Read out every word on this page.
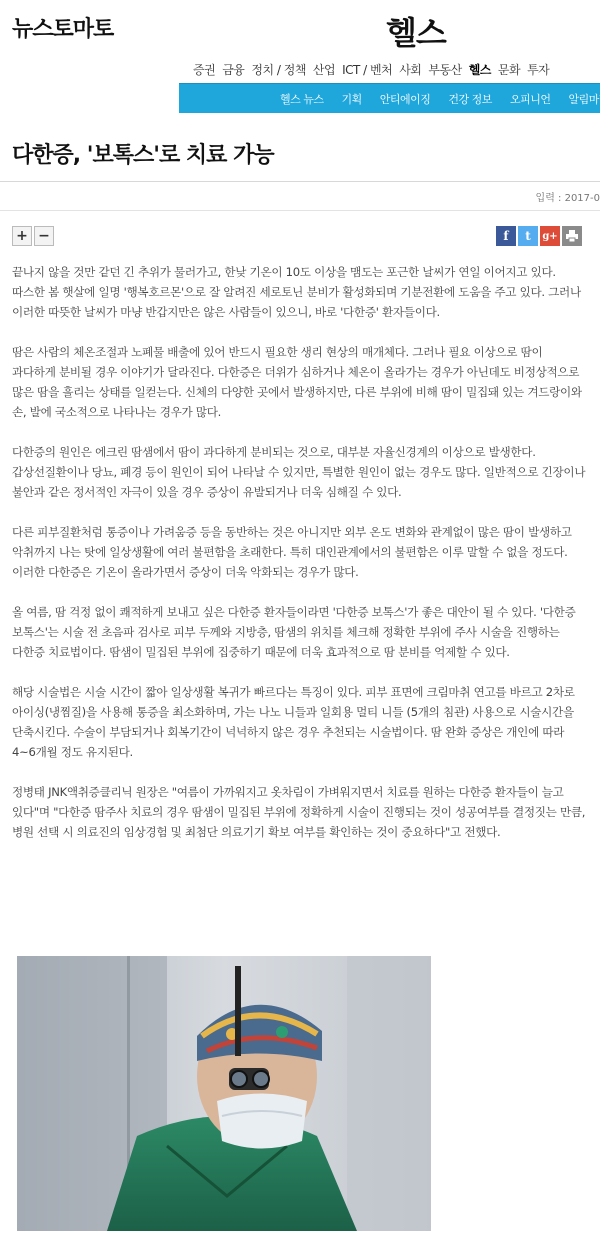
뉴스토마토	헬스
증권 금융 정치 / 정책 산업 ICT / 벤처 사회 부동산 헬스 문화 투자
헬스 뉴스 기획 안티에이징 건강 정보 오피니언 알림마당
다한증, '보톡스'로 치료 가능
입력 : 2017-0
+ −	f t g+

끝나지 않을 것만 같던 긴 추위가 물러가고, 한낮 기온이 10도 이상을 맴도는 포근한 날씨가 연일 이어지고 있다. 따스한 봄 햇살에 일명 '행복호르몬'으로 잘 알려진 세로토닌 분비가 활성화되며 기분전환에 도움을 주고 있다. 그러나 이러한 따뜻한 날씨가 마냥 반갑지만은 않은 사람들이 있으니, 바로 '다한증' 환자들이다.

땀은 사람의 체온조절과 노폐물 배출에 있어 반드시 필요한 생리 현상의 매개체다. 그러나 필요 이상으로 땀이 과다하게 분비될 경우 이야기가 달라진다. 다한증은 더위가 심하거나 체온이 올라가는 경우가 아닌데도 비정상적으로 많은 땀을 흘리는 상태를 일컫는다. 신체의 다양한 곳에서 발생하지만, 다른 부위에 비해 땀이 밀집돼 있는 겨드랑이와 손, 발에 국소적으로 나타나는 경우가 많다.

다한증의 원인은 에크린 땀샘에서 땀이 과다하게 분비되는 것으로, 대부분 자율신경계의 이상으로 발생한다. 갑상선질환이나 당뇨, 폐경 등이 원인이 되어 나타날 수 있지만, 특별한 원인이 없는 경우도 많다. 일반적으로 긴장이나 불안과 같은 정서적인 자극이 있을 경우 증상이 유발되거나 더욱 심해질 수 있다.

다른 피부질환처럼 통증이나 가려움증 등을 동반하는 것은 아니지만 외부 온도 변화와 관계없이 많은 땀이 발생하고 악취까지 나는 탓에 일상생활에 여러 불편함을 초래한다. 특히 대인관계에서의 불편함은 이루 말할 수 없을 정도다. 이러한 다한증은 기온이 올라가면서 증상이 더욱 악화되는 경우가 많다.

올 여름, 땀 걱정 없이 쾌적하게 보내고 싶은 다한증 환자들이라면 '다한증 보톡스'가 좋은 대안이 될 수 있다. '다한증 보톡스'는 시술 전 초음파 검사로 피부 두께와 지방층, 땀샘의 위치를 체크해 정확한 부위에 주사 시술을 진행하는 다한증 치료법이다. 땀샘이 밀집된 부위에 집중하기 때문에 더욱 효과적으로 땀 분비를 억제할 수 있다.

해당 시술법은 시술 시간이 짧아 일상생활 복귀가 빠르다는 특징이 있다. 피부 표면에 크림마취 연고를 바르고 2차로 아이싱(냉찜질)을 사용해 통증을 최소화하며, 가는 나노 니들과 일회용 멀티 니들 (5개의 침관) 사용으로 시술시간을 단축시킨다. 수술이 부담되거나 회복기간이 넉넉하지 않은 경우 추천되는 시술법이다. 땀 완화 증상은 개인에 따라 4~6개월 정도 유지된다.

정병태 JNK액취증클리닉 원장은 "여름이 가까워지고 옷차림이 가벼워지면서 치료를 원하는 다한증 환자들이 늘고 있다"며 "다한증 땀주사 치료의 경우 땀샘이 밀집된 부위에 정확하게 시술이 진행되는 것이 성공여부를 결정짓는 만큼, 병원 선택 시 의료진의 임상경험 및 최첨단 의료기기 확보 여부를 확인하는 것이 중요하다"고 전했다.
